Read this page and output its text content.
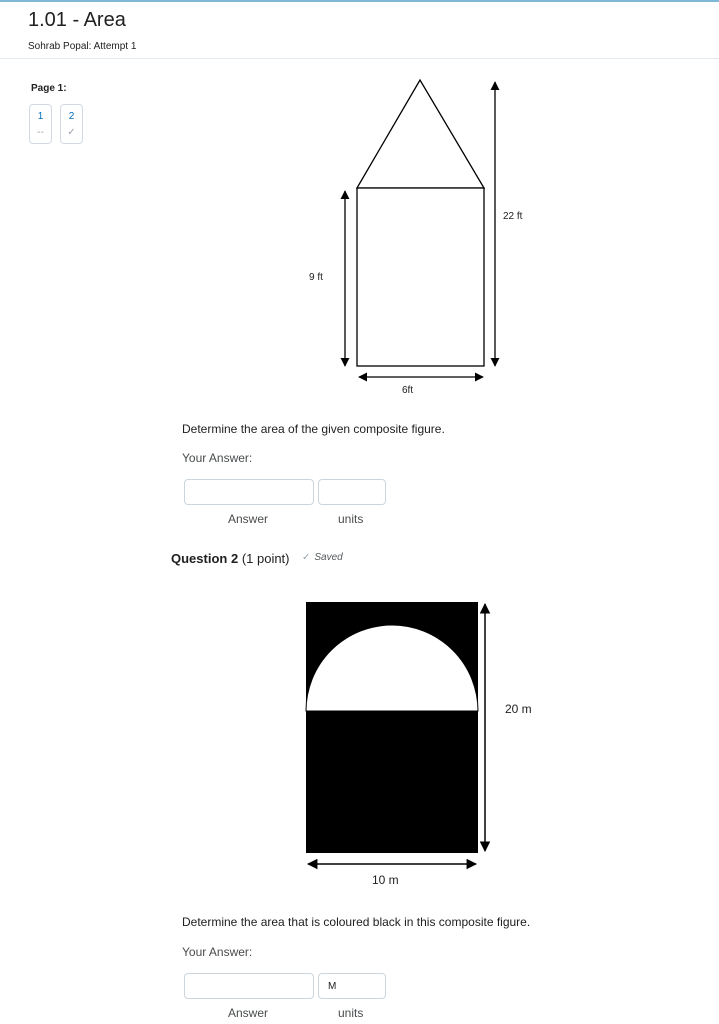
1.01 - Area
Sohrab Popal: Attempt 1
Page 1:
1
--
2
✓
22 ft
9 ft
6ft
Determine the area of the given composite figure.
Your Answer:
Answer	units
Question 2 (1 point) ✓ Saved
20 m
10 m
Determine the area that is coloured black in this composite figure.
Your Answer:
M
Answer	units
